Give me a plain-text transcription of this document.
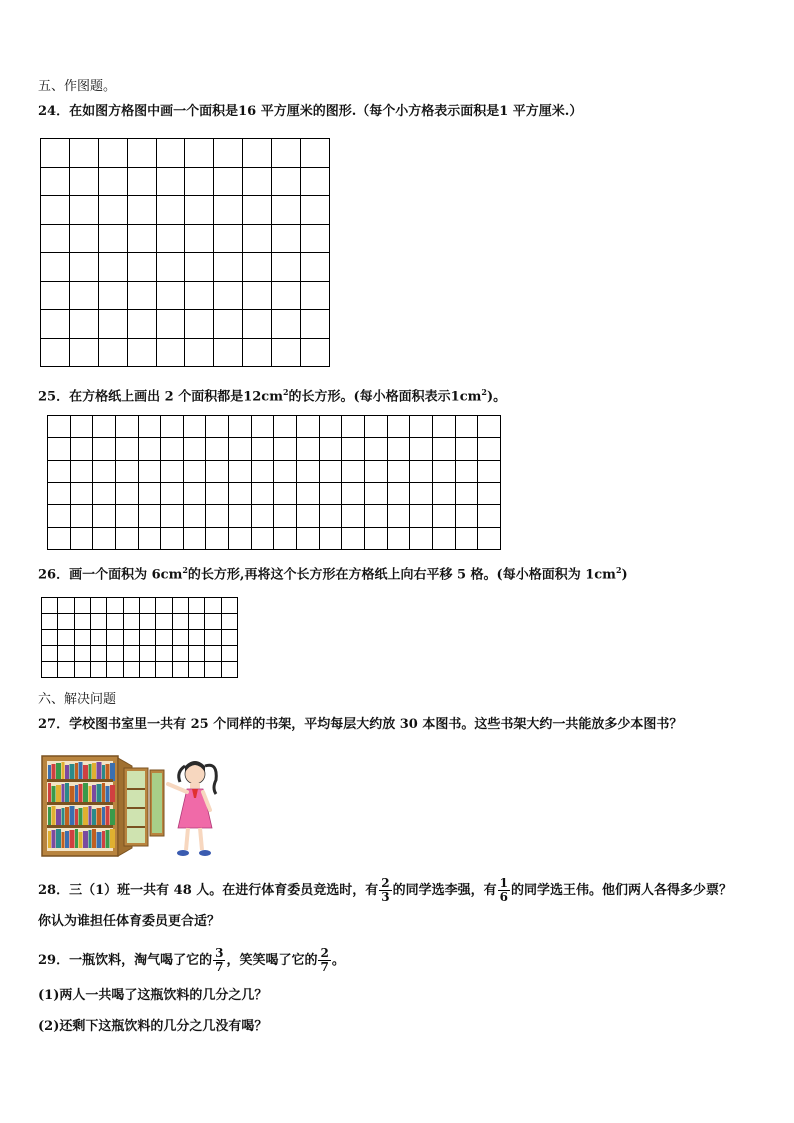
五、作图题。
24．在如图方格图中画一个面积是16 平方厘米的图形.（每个小方格表示面积是1 平方厘米.）

25．在方格纸上画出 2 个面积都是$12cm^2$的长方形。(每小格面积表示$1cm^2$)。

26．画一个面积为 $6cm^2$的长方形,再将这个长方形在方格纸上向右平移 5 格。(每小格面积为 $1cm^2$)

六、解决问题
27．学校图书室里一共有 25 个同样的书架，平均每层大约放 30 本图书。这些书架大约一共能放多少本图书？
28．三（1）班一共有 48 人。在进行体育委员竞选时，有 $\frac{2}{3}$ 的同学选李强，有 $\frac{1}{6}$ 的同学选王伟。他们两人各得多少票？
你认为谁担任体育委员更合适？
29．一瓶饮料，淘气喝了它的 $\frac{3}{7}$ ，笑笑喝了它的 $\frac{2}{7}$ 。
(1)两人一共喝了这瓶饮料的几分之几？
(2)还剩下这瓶饮料的几分之几没有喝？
